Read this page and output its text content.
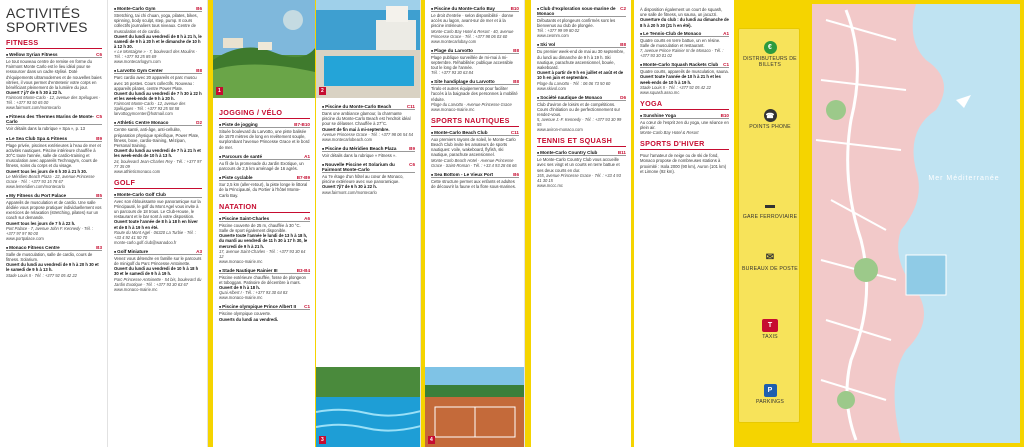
ACTIVITÉS
SPORTIVES
FITNESS
■ Wellow Syrian Fitness	C6
Le tout nouveau centre de remise en forme du Fairmont Monte Carlo est le lieu idéal pour se ressourcer dans un cadre stylisé. Doté d'équipements ultramodernes et de nouvelles baies vitrées, il vous permet d'entretenir votre corps en bénéficiant pleinement de la lumière du jour.
Ouvert 7 j/7 de 6 h 30 à 22 h.
Fairmont Monte-Carlo · 12, avenue des Spélugues · Tél. : +377 93 50 65 00
www.fairmont.com/montecarlo
■ Fitness des Thermes Marins de Monte-Carlo
C5
Voir détails dans la rubrique « Spa », p. 13
■ Le Sea Club Spa & Fitness	B9
Plage privée, piscines extérieures à l'eau de mer et activités nautiques. Piscine intérieure chauffée à 30°C toute l'année, salle de cardio-training et musculation avec appareils Technogym, cours de fitness, soins du corps et du visage.
Ouvert tous les jours de 6 h 30 à 21 h 30.
Le Méridien Beach Plaza · 22, avenue Princesse Grace · Tél. : +377 93 15 78 67
www.lemeridien.com/montecarlo
■ My Fitness du Port Palace	B5
Appareils de musculation et de cardio. Une salle dédiée vous propose pratiquer individuellement vos exercices de relaxation (stretching, pilates) sur un coach sur demande.
Ouvert tous les jours de 7 h à 22 h.
Port Palace · 7, avenue John F. Kennedy · Tél. : +377 97 97 90 00
www.portpalace.com
■ Monaco Fitness Centre	B3
Salle de musculation, salle de cardio, cours de fitness. Solarium.
Ouvert du lundi au vendredi de 9 h à 20 h 30 et le samedi de 9 h à 13 h.
Stade Louis II · Tél. : +377 92 05 42 22
■ Monte-Carlo Gym	B6
Stretching, tai chi chuan, yoga, pilates, bikes, spinning, body sculpt, step, pump. 8 cours collectifs journaliers tous niveaux. Centre de musculation et de cardio.
Ouvert du lundi au vendredi de 8 h à 21 h, le samedi de 9 h à 20 h et le dimanche de 10 h à 12 h 30.
« Le Montaigne » · 7, boulevard des Moulins · Tél. : +377 93 25 85 69
www.montecarlogym.com
■ Larvotto Gym Center	B8
Parc cardio avec 20 appareils et parc muscu avec 16 postes. Cours collectifs. Nouveau : appareils pilates, centre Power Plate.
Ouvert du lundi au vendredi de 7 h 30 à 22 h et les week-ends de 9 h à 20 h.
Fairmont Monte-Carlo · 12, avenue des Spélugues · Tél. : +377 93 25 58 58
larvottogymcenter@hotmail.com
■ Athletic Centre Monaco	D2
Centre santé, anti-âge, anti-cellulite, préparation physique spécifique, Power Plate, fitness, boxe, cardio-training, Mézipan, Personal training.
Ouvert du lundi au vendredi de 7 h à 21 h et les week-ends de 10 h à 13 h.
24, boulevard Jean-Charles Rey · Tél. : +377 97 77 35 09
www.athleticmonaco.com
GOLF
■ Monte-Carlo Golf Club
Avec son éblouissante vue panoramique sur la Principauté, le golf du Mont Agel vous invite à un parcours de 18 trous. Le Club-House, le restaurant et le bar sont à votre disposition.
Ouvert toute l'année de 8 h à 18 h en hiver et de 8 h à 19 h en été.
Route du Mont Agel · 06320 La Turbie · Tél. : +33 4 92 41 50 70
monte-carlo.golf.club@wanadoo.fr
■ Golf Miniature	A3
Venez vous détendre en famille sur le parcours de minigolf du Parc Princesse Antoinette.
Ouvert du lundi au vendredi de 10 h à 18 h 30 et le samedi de 9 h à 19 h.
Parc Princesse Antoinette · 54 bis, boulevard du Jardin Exotique · Tél. : +377 93 30 63 67
www.monaco-mairie.mc
1
JOGGING / VÉLO
■ Piste de jogging	B7-B10
Située boulevard du Larvotto, une piste balisée de 1570 mètres de long en revêtement souple, surplombant l'avenue Princesse Grace et le bord de mer.
■ Parcours de santé	A1
Au fil de la promenade du Jardin Exotique, un parcours de 2,5 km aménagé de 16 agrès.
■ Piste cyclable	B7-B9
Sur 2,5 km (aller-retour), la piste longe le littoral de la Principauté, du Portier à l'hôtel Monte-Carlo Bay.
NATATION
■ Piscine Saint-Charles	A6
Piscine couverte de 25 m, chauffée à 30 °C. Salle de sport également disponible.
Ouverte toute l'année le lundi de 13 h à 18 h, du mardi au vendredi de 11 h 30 à 17 h 30, le mercredi de 9 h à 21 h.
17, avenue Saint-Charles · Tél. : +377 93 30 64 12
www.monaco-mairie.mc
■ Stade Nautique Rainier III	B3-B4
Piscine extérieure chauffée, fosse de plongeon et toboggan. Patinoire de décembre à mars.
Ouvert de 9 h à 18 h.
Quai Albert I · Tél. : +377 93 30 64 83
www.monaco-mairie.mc
■ Piscine olympique Prince Albert II C1
Piscine olympique couverte.
Ouverts du lundi au vendredi.
2
■ Piscine du Monte-Carlo Beach	C11
Dans une ambiance glamour, la charmante piscine du Monte-Carlo Beach est l'endroit idéal pour se délasser. Chauffée à 27°C.
Ouvert de fin mai à mi-septembre.
Avenue Princesse Grace · Tél. : +377 98 06 54 54
www.montecarlobeach.com
■ Piscine du Méridien Beach Plaza	B9
Voir détails dans la rubrique « Fitness ».
■ Nouvelle Piscine et Solarium du Fairmont Monte-Carlo
C6
Au 7e étage d'un hôtel au cœur de Monaco, piscine extérieure avec vue panoramique.
Ouvert 7j/7 de 6 h 30 à 22 h.
www.fairmont.com/montecarlo
3
■ Piscine du Monte-Carlo Bay	B10
Le droit d'entrée · selon disponibilité · donne accès au lagon, avant-sur de mer et à la piscine intérieure.
Monte-Carlo Bay Hotel & Resort · 40, avenue Princesse Grace · Tél. : +377 98 06 03 60
www.montecarlobay.com
■ Plage du Larvotto	B8
Plage publique surveillée de mi-mai à mi-septembre. Réhabilitée: publique accessible tout le long de l'année.
Tél. : +377 93 30 63 84
■ Site handiplage du Larvotto	B8
Tiralo et autres équipements pour faciliter l'accès à la baignade des personnes à mobilité réduite.
Plage du Larvotto · Avenue Princesse Grace
www.monaco-mairie.mc
SPORTS NAUTIQUES
■ Monte-Carlo Beach Club	C11
Aux premiers rayons de soleil, le Monte-Carlo Beach Club invite les amateurs de sports nautiques: voile, wakeboard, flyfish, ski nautique, parachute ascensionnel.
Monte-Carlo Beach Hotel · Avenue Princesse Grace · Saint-Roman · Tél. : +33 4 93 28 66 66
■ Sea Bottom - Le Vieux Port	B6
Cette structure permet aux enfants et adultes de découvrir la faune et la flore sous-marines.
4
■ Club d'exploration sous-marine de Monaco
C2
Débutants et plongeurs confirmés sont les bienvenus au club de plongée.
Tél. : +377 99 99 80 02
www.cesmm.com
■ Ski Vol	B8
Du premier week-end de mai au 30 septembre, du lundi au dimanche de 9 h à 19 h. Ski nautique, parachute ascensionnel, bouée, wakeboard.
Ouvert à partir de 9 h en juillet et août et de 10 h en juin et septembre.
Plage du Larvotto · Tél. : 06 06 73 50 60
www.skivol.com
■ Société nautique de Monaco	D6
Club d'aviron de loisirs et de compétitions. Cours d'initiation ou de perfectionnement sur rendez-vous.
5, avenue J.-F. Kennedy · Tél. : +377 93 30 99 55
www.aviron-monaco.com
TENNIS ET SQUASH
■ Monte-Carlo Country Club	B11
Le Monte-Carlo Country Club vous accueille avec ses vingt et un courts en terre battue et ses deux courts en dur.
155, avenue Princesse Grace · Tél. : +33 4 93 41 30 15
www.mccc.mc
À disposition également un court de squash, une salle de fitness, un sauna, un jacuzzi.
Ouverture du club : du lundi au dimanche de 8 h à 20 h 30 (21 h en été).
■ Le Tennis-Club de Monaco	A1
Quatre courts en terre battue, un en résine. Salle de musculation et restaurant.
7, avenue Prince Rainier III de Monaco · Tél. : +377 93 30 01 02
■ Monte-Carlo Squash Rackets Club C1
Quatre courts, appareils de musculation, sauna.
Ouvert toute l'année de 10 h à 21 h et les week-ends de 10 h à 19 h.
Stade Louis II · Tél. : +377 92 05 42 22
www.squash.asso.mc
YOGA
■ Sunshine Yoga	B10
Au cœur de l'esprit zen du yoga, une séance en plein air.
Monte-Carlo Bay Hotel & Resort
SPORTS D'HIVER
Pour l'amateur de neige ou de ski de fond, Monaco propose de nombreuses stations à proximité : Isola 2000 (90 km), Auron (101 km) et Limone (92 km).
€
DISTRIBUTEURS DE BILLETS
☎
POINTS PHONE
▬
GARE FERROVIAIRE
✉
BUREAUX DE POSTE
T
TAXIS
P
PARKINGS
Mer Méditerranée
